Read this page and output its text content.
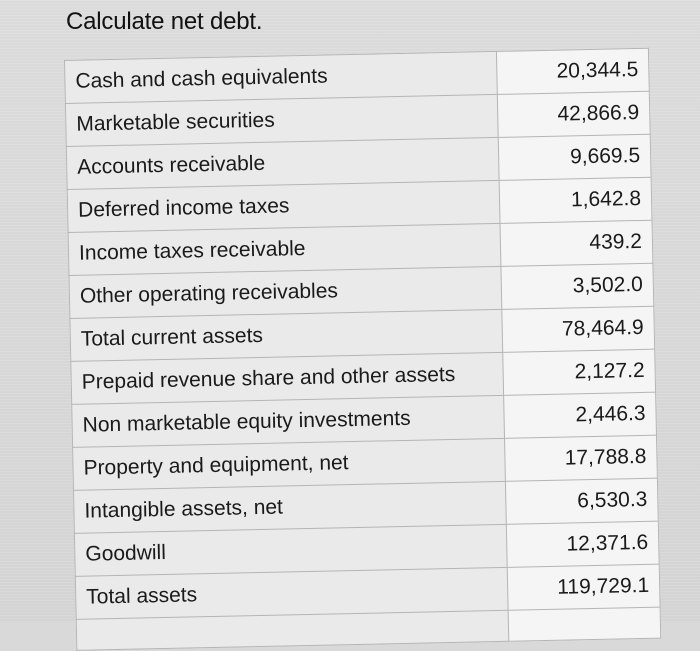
Calculate net debt.
Cash and cash equivalents	20,344.5
Marketable securities	42,866.9
Accounts receivable	9,669.5
Deferred income taxes	1,642.8
Income taxes receivable	439.2
Other operating receivables	3,502.0
Total current assets	78,464.9
Prepaid revenue share and other assets	2,127.2
Non marketable equity investments	2,446.3
Property and equipment, net	17,788.8
Intangible assets, net	6,530.3
Goodwill	12,371.6
Total assets	119,729.1
